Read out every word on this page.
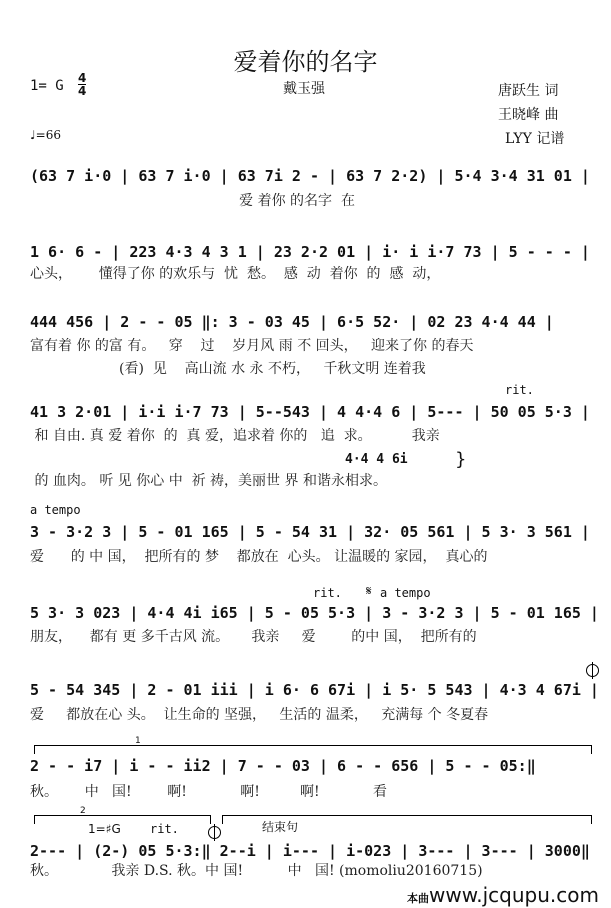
爱着你的名字
1= G 4
4	戴玉强	唐跃生 词
王晓峰 曲
♩=66	LYY 记谱
(63 7 i·0 | 63 7 i·0 | 63 7i 2 - | 63 7 2·2) | 5·4 3·4 31 01 |
爱 着你 的名字  在
1 6· 6 - | 223 4·3 4 3 1 | 23 2·2 01 | i· i i·7 73 | 5 - - - |
心头，      懂得了你 的欢乐与  忧  愁。  感  动  着你  的  感  动，
444 456 | 2 - - 05 ‖: 3 - 03 45 | 6·5 52· | 02 23 4·4 44 |
富有着 你 的富 有。   穿    过    岁月风 雨 不 回头，   迎来了你 的春天
(看)  见    高山流 水 永 不朽，   千秋文明 连着我
rit.
41 3 2·01 | i·i i·7 73 | 5--543 | 4 4·4 6 | 5--- | 50 05 5·3 |
和 自由. 真 爱 着你  的  真 爱，追求着 你的   追  求。         我亲
4·4 4 6i	}
的 血肉。 听 见 你心 中  祈 祷，美丽世 界 和谐永相求。
a tempo
3 - 3·2 3 | 5 - 01 165 | 5 - 54 31 | 32· 05 561 | 5 3· 3 561 |
爱      的 中 国，  把所有的 梦    都放在  心头。 让温暖的 家园，  真心的
rit. 𝄋 a tempo
5 3· 3 023 | 4·4 4i i65 | 5 - 05 5·3 | 3 - 3·2 3 | 5 - 01 165 |
朋友，    都有 更 多千古风 流。     我亲     爱        的中 国，  把所有的
5 - 54 345 | 2 - 01 iii | i 6· 6 67i | i 5· 5 543 | 4·3 4 67i |
爱     都放在心 头。  让生命的 坚强，   生活的 温柔，   充满每 个 冬夏春
1
2 - - i7 | i - - ii2 | 7 - - 03 | 6 - - 656 | 5 - - 05:‖
秋。      中   国!        啊!            啊!         啊!            看
2
1=♯G rit.	结束句
2--- | (2-) 05 5·3:‖ 2--i | i--- | i-023 | 3--- | 3--- | 3000‖
秋。            我亲 D.S. 秋。中 国!          中   国! (momoliu20160715)
本曲www.jcqupu.com
